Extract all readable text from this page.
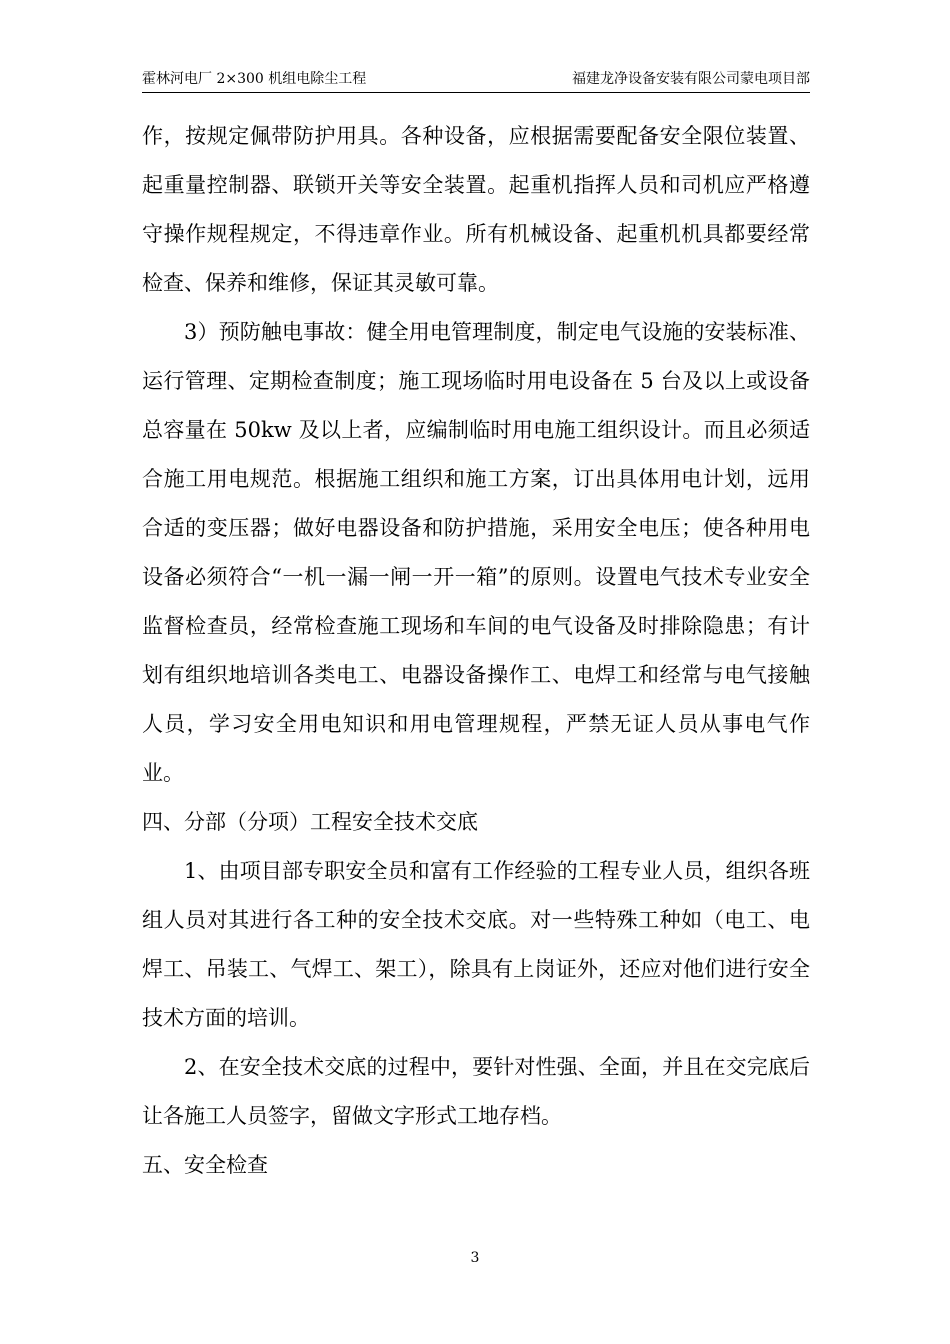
霍林河电厂 2×300 机组电除尘工程	福建龙净设备安装有限公司蒙电项目部

作，按规定佩带防护用具。各种设备，应根据需要配备安全限位装置、起重量控制器、联锁开关等安全装置。起重机指挥人员和司机应严格遵守操作规程规定，不得违章作业。所有机械设备、起重机机具都要经常检查、保养和维修，保证其灵敏可靠。

3）预防触电事故：健全用电管理制度，制定电气设施的安装标准、运行管理、定期检查制度；施工现场临时用电设备在 5 台及以上或设备总容量在 50kw 及以上者，应编制临时用电施工组织设计。而且必须适合施工用电规范。根据施工组织和施工方案，订出具体用电计划，远用合适的变压器；做好电器设备和防护措施，采用安全电压；使各种用电设备必须符合“一机一漏一闸一开一箱”的原则。设置电气技术专业安全监督检查员，经常检查施工现场和车间的电气设备及时排除隐患；有计划有组织地培训各类电工、电器设备操作工、电焊工和经常与电气接触人员，学习安全用电知识和用电管理规程，严禁无证人员从事电气作业。

四、分部（分项）工程安全技术交底

1、由项目部专职安全员和富有工作经验的工程专业人员，组织各班组人员对其进行各工种的安全技术交底。对一些特殊工种如（电工、电焊工、吊装工、气焊工、架工），除具有上岗证外，还应对他们进行安全技术方面的培训。

2、在安全技术交底的过程中，要针对性强、全面，并且在交完底后让各施工人员签字，留做文字形式工地存档。

五、安全检查

3
